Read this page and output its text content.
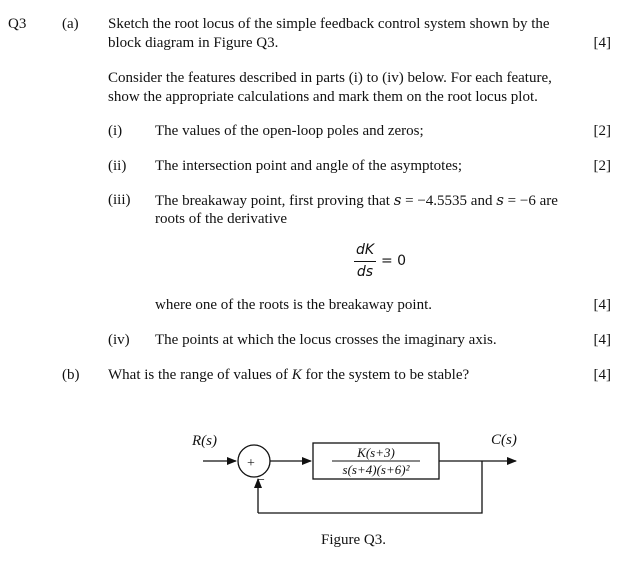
Q3 (a) Sketch the root locus of the simple feedback control system shown by the
block diagram in Figure Q3.	[4]
Consider the features described in parts (i) to (iv) below. For each feature,
show the appropriate calculations and mark them on the root locus plot.
(i) The values of the open-loop poles and zeros;	[2]
(ii) The intersection point and angle of the asymptotes;	[2]
(iii) The breakaway point, first proving that s = −4.5535 and s = −6 are
roots of the derivative
dK
ds
= 0
where one of the roots is the breakaway point.	[4]
(iv) The points at which the locus crosses the imaginary axis.	[4]
(b) What is the range of values of K for the system to be stable?	[4]
R(s)	C(s)
+
−
K(s+3)
s(s+4)(s+6)²
Figure Q3.
